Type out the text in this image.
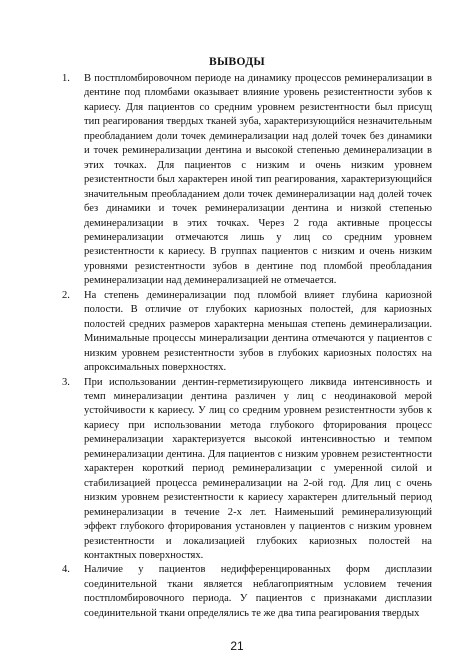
ВЫВОДЫ
1.	В постпломбировочном периоде на динамику процессов реминерализации в дентине под пломбами оказывает влияние уровень резистентности зубов к кариесу. Для пациентов со средним уровнем резистентности был присущ тип реагирования твердых тканей зуба, характеризующийся незначительным преобладанием доли точек деминерализации над долей точек без динамики и точек реминерализации дентина и высокой степенью деминерализации в этих точках. Для пациентов с низким и очень низким уровнем резистентности был характерен иной тип реагирования, характеризующийся значительным преобладанием доли точек деминерализации над долей точек без динамики и точек реминерализации дентина и низкой степенью деминерализации в этих точках. Через 2 года активные процессы реминерализации отмечаются лишь у лиц со средним уровнем резистентности к кариесу. В группах пациентов с низким и очень низким уровнями резистентности зубов в дентине под пломбой преобладания реминерализации над деминерализацией не отмечается.
2.	На степень деминерализации под пломбой влияет глубина кариозной полости. В отличие от глубоких кариозных полостей, для кариозных полостей средних размеров характерна меньшая степень деминерализации. Минимальные процессы минерализации дентина отмечаются у пациентов с низким уровнем резистентности зубов в глубоких кариозных полостях на апроксимальных поверхностях.
3.	При использовании дентин-герметизирующего ликвида интенсивность и темп минерализации дентина различен у лиц с неодинаковой мерой устойчивости к кариесу. У лиц со средним уровнем резистентности зубов к кариесу при использовании метода глубокого фторирования процесс реминерализации характеризуется высокой интенсивностью и темпом реминерализации дентина. Для пациентов с низким уровнем резистентности характерен короткий период реминерализации с умеренной силой и стабилизацией процесса реминерализации на 2-ой год. Для лиц с очень низким уровнем резистентности к кариесу характерен длительный период реминерализации в течение 2-х лет. Наименьший реминерализующий эффект глубокого фторирования установлен у пациентов с низким уровнем резистентности и локализацией глубоких кариозных полостей на контактных поверхностях.
4.	Наличие у пациентов недифференцированных форм дисплазии соединительной ткани является неблагоприятным условием течения постпломбировочного периода. У пациентов с признаками дисплазии соединительной ткани определялись те же два типа реагирования твердых
21
